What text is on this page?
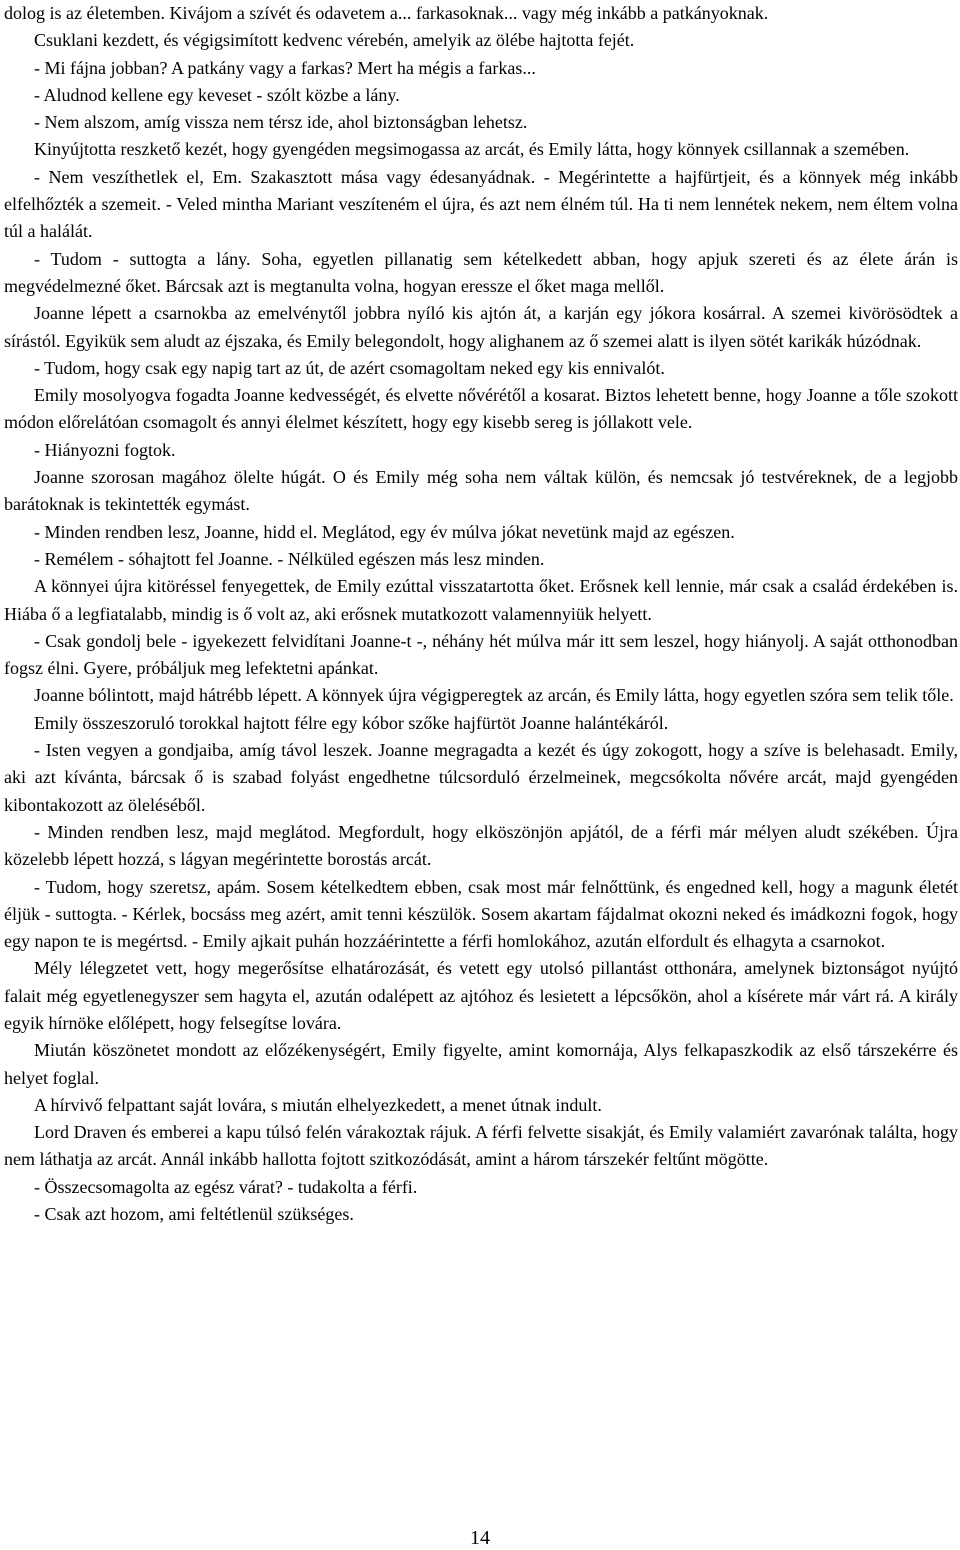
dolog is az életemben. Kivájom a szívét és odavetem a... farkasoknak... vagy még inkább a patkányoknak.

Csuklani kezdett, és végigsimított kedvenc vérebén, amelyik az ölébe hajtotta fejét.

- Mi fájna jobban? A patkány vagy a farkas? Mert ha mégis a farkas...

- Aludnod kellene egy keveset - szólt közbe a lány.

- Nem alszom, amíg vissza nem térsz ide, ahol biztonságban lehetsz.

Kinyújtotta reszkető kezét, hogy gyengéden megsimogassa az arcát, és Emily látta, hogy könnyek csillannak a szemében.

- Nem veszíthetlek el, Em. Szakasztott mása vagy édesanyádnak. - Megérintette a hajfürtjeit, és a könnyek még inkább elfelhőzték a szemeit. - Veled mintha Mariant veszíteném el újra, és azt nem élném túl. Ha ti nem lennétek nekem, nem éltem volna túl a halálát.

- Tudom - suttogta a lány. Soha, egyetlen pillanatig sem kételkedett abban, hogy apjuk szereti és az élete árán is megvédelmezné őket. Bárcsak azt is megtanulta volna, hogyan eressze el őket maga mellől.

Joanne lépett a csarnokba az emelvénytől jobbra nyíló kis ajtón át, a karján egy jókora kosárral. A szemei kivörösödtek a sírástól. Egyikük sem aludt az éjszaka, és Emily belegondolt, hogy alighanem az ő szemei alatt is ilyen sötét karikák húzódnak.

- Tudom, hogy csak egy napig tart az út, de azért csomagoltam neked egy kis ennivalót.

Emily mosolyogva fogadta Joanne kedvességét, és elvette nővérétől a kosarat. Biztos lehetett benne, hogy Joanne a tőle szokott módon előrelátóan csomagolt és annyi élelmet készített, hogy egy kisebb sereg is jóllakott vele.

- Hiányozni fogtok.

Joanne szorosan magához ölelte húgát. O és Emily még soha nem váltak külön, és nemcsak jó testvéreknek, de a legjobb barátoknak is tekintették egymást.

- Minden rendben lesz, Joanne, hidd el. Meglátod, egy év múlva jókat nevetünk majd az egészen.

- Remélem - sóhajtott fel Joanne. - Nélküled egészen más lesz minden.

A könnyei újra kitöréssel fenyegettek, de Emily ezúttal visszatartotta őket. Erősnek kell lennie, már csak a család érdekében is. Hiába ő a legfiatalabb, mindig is ő volt az, aki erősnek mutatkozott valamennyiük helyett.

- Csak gondolj bele - igyekezett felvidítani Joanne-t -, néhány hét múlva már itt sem leszel, hogy hiányolj. A saját otthonodban fogsz élni. Gyere, próbáljuk meg lefektetni apánkat.

Joanne bólintott, majd hátrébb lépett. A könnyek újra végigperegtek az arcán, és Emily látta, hogy egyetlen szóra sem telik tőle.

Emily összeszoruló torokkal hajtott félre egy kóbor szőke hajfürtöt Joanne halántékáról.

- Isten vegyen a gondjaiba, amíg távol leszek. Joanne megragadta a kezét és úgy zokogott, hogy a szíve is belehasadt. Emily, aki azt kívánta, bárcsak ő is szabad folyást engedhetne túlcsorduló érzelmeinek, megcsókolta nővére arcát, majd gyengéden kibontakozott az öleléséből.

- Minden rendben lesz, majd meglátod. Megfordult, hogy elköszönjön apjától, de a férfi már mélyen aludt székében. Újra közelebb lépett hozzá, s lágyan megérintette borostás arcát.

- Tudom, hogy szeretsz, apám. Sosem kételkedtem ebben, csak most már felnőttünk, és engedned kell, hogy a magunk életét éljük - suttogta. - Kérlek, bocsáss meg azért, amit tenni készülök. Sosem akartam fájdalmat okozni neked és imádkozni fogok, hogy egy napon te is megértsd. - Emily ajkait puhán hozzáérintette a férfi homlokához, azután elfordult és elhagyta a csarnokot.

Mély lélegzetet vett, hogy megerősítse elhatározását, és vetett egy utolsó pillantást otthonára, amelynek biztonságot nyújtó falait még egyetlenegyszer sem hagyta el, azután odalépett az ajtóhoz és lesietett a lépcsőkön, ahol a kísérete már várt rá. A király egyik hírnöke előlépett, hogy felsegítse lovára.

Miután köszönetet mondott az előzékenységért, Emily figyelte, amint komornája, Alys felkapaszkodik az első társzekérre és helyet foglal.

A hírvivő felpattant saját lovára, s miután elhelyezkedett, a menet útnak indult.

Lord Draven és emberei a kapu túlsó felén várakoztak rájuk. A férfi felvette sisakját, és Emily valamiért zavarónak találta, hogy nem láthatja az arcát. Annál inkább hallotta fojtott szitkozódását, amint a három társzekér feltűnt mögötte.

- Összecsomagolta az egész várat? - tudakolta a férfi.

- Csak azt hozom, ami feltétlenül szükséges.

14
